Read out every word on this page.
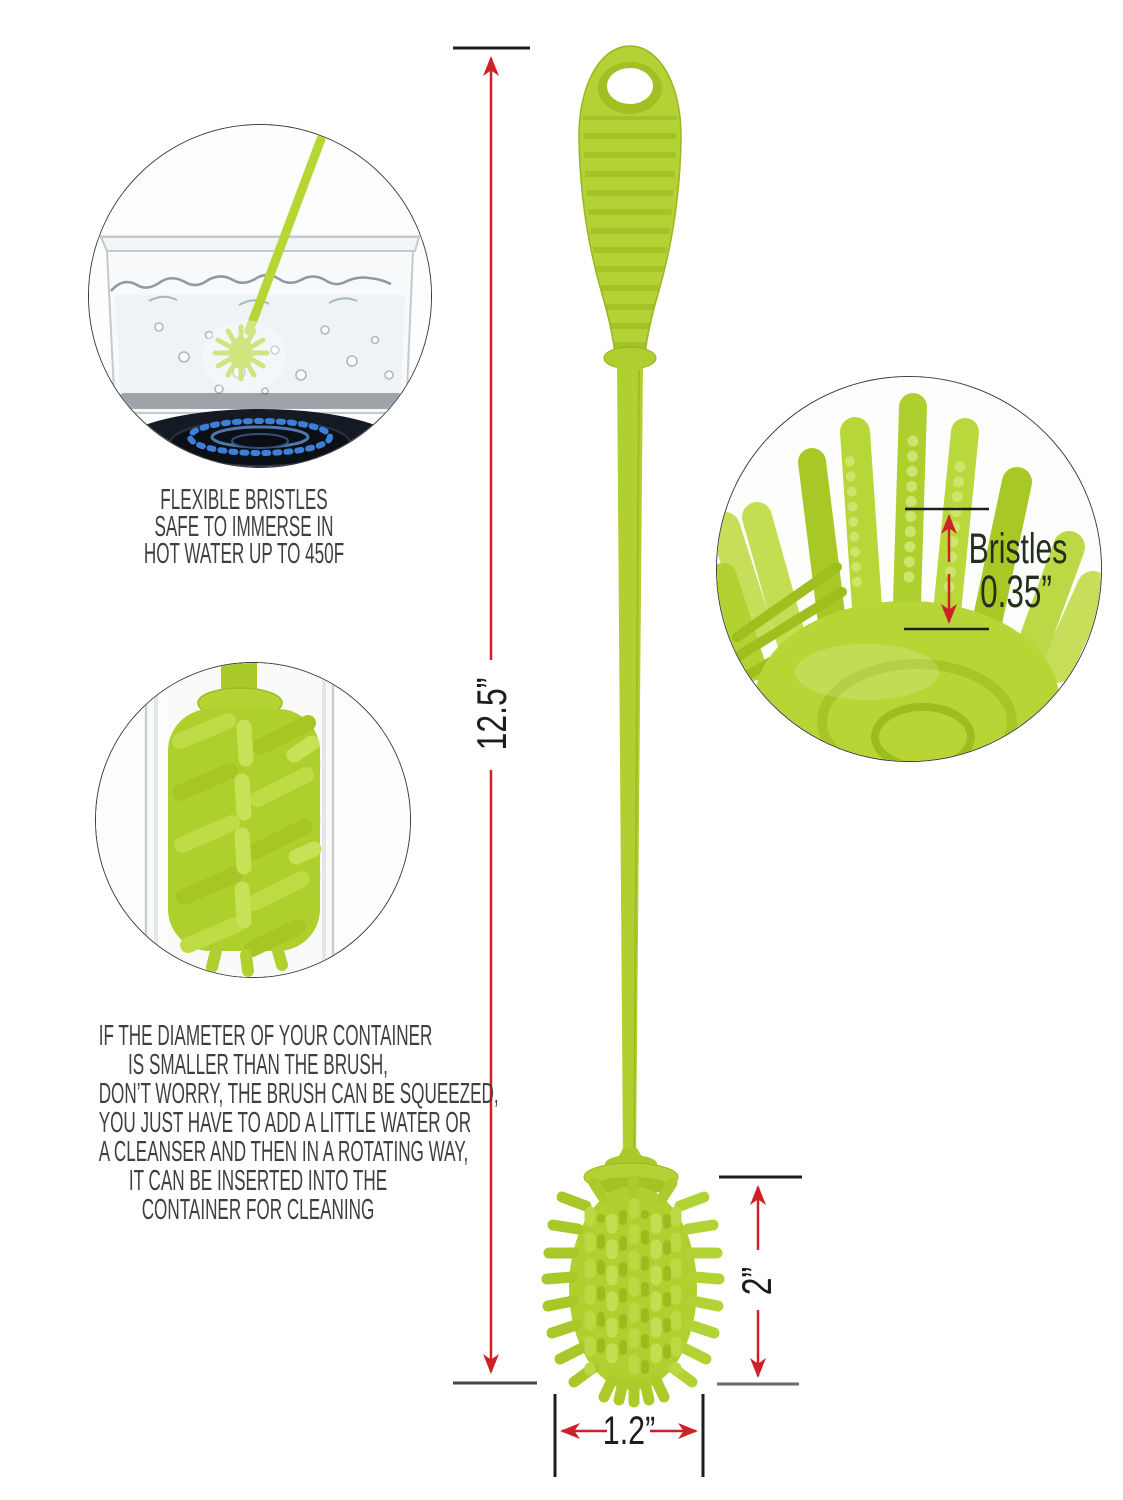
FLEXIBLE BRISTLES
SAFE TO IMMERSE IN
HOT WATER UP TO 450F
IF THE DIAMETER OF YOUR CONTAINER
IS SMALLER THAN THE BRUSH,
DON’T WORRY, THE BRUSH CAN BE SQUEEZED,
YOU JUST HAVE TO ADD A LITTLE WATER OR
A CLEANSER AND THEN IN A ROTATING WAY,
IT CAN BE INSERTED INTO THE
CONTAINER FOR CLEANING
Bristles
0.35”
12.5”
2”
1.2”
